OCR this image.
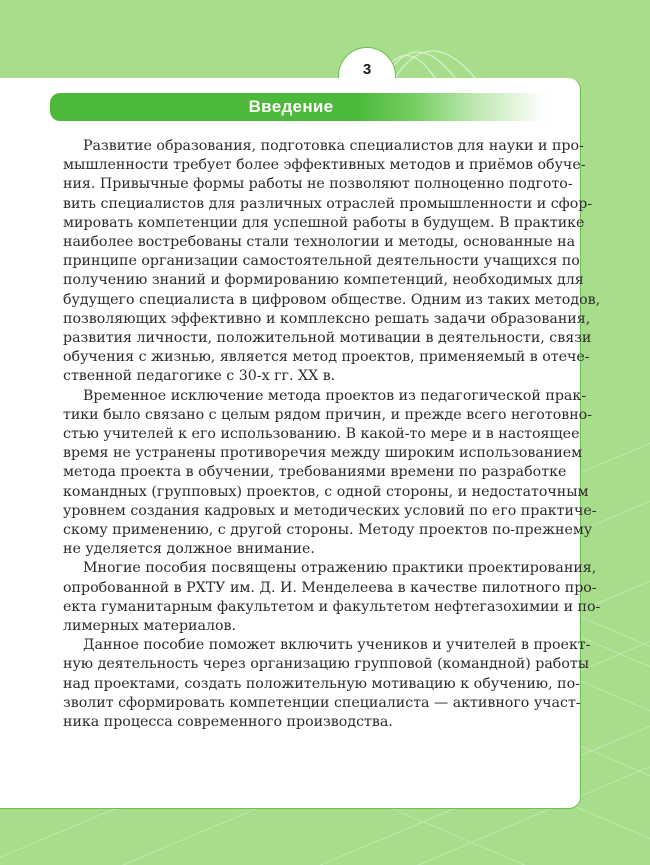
3
Введение
Развитие образования, подготовка специалистов для науки и про-
мышленности требует более эффективных методов и приёмов обуче-
ния. Привычные формы работы не позволяют полноценно подгото-
вить специалистов для различных отраслей промышленности и сфор-
мировать компетенции для успешной работы в будущем. В практике
наиболее востребованы стали технологии и методы, основанные на
принципе организации самостоятельной деятельности учащихся по
получению знаний и формированию компетенций, необходимых для
будущего специалиста в цифровом обществе. Одним из таких методов,
позволяющих эффективно и комплексно решать задачи образования,
развития личности, положительной мотивации в деятельности, связи
обучения с жизнью, является метод проектов, применяемый в отече-
ственной педагогике с 30-х гг. XX в.
Временное исключение метода проектов из педагогической прак-
тики было связано с целым рядом причин, и прежде всего неготовно-
стью учителей к его использованию. В какой-то мере и в настоящее
время не устранены противоречия между широким использованием
метода проекта в обучении, требованиями времени по разработке
командных (групповых) проектов, с одной стороны, и недостаточным
уровнем создания кадровых и методических условий по его практиче-
скому применению, с другой стороны. Методу проектов по-прежнему
не уделяется должное внимание.
Многие пособия посвящены отражению практики проектирования,
опробованной в РХТУ им. Д. И. Менделеева в качестве пилотного про-
екта гуманитарным факультетом и факультетом нефтегазохимии и по-
лимерных материалов.
Данное пособие поможет включить учеников и учителей в проект-
ную деятельность через организацию групповой (командной) работы
над проектами, создать положительную мотивацию к обучению, по-
зволит сформировать компетенции специалиста — активного участ-
ника процесса современного производства.
